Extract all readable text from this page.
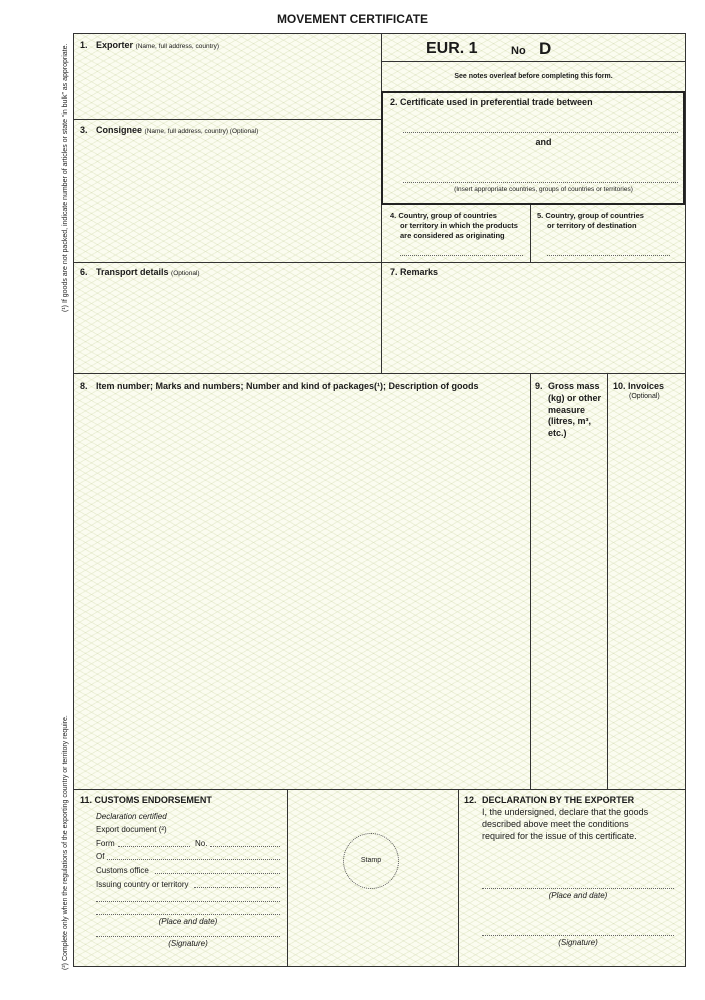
MOVEMENT CERTIFICATE
(¹) If goods are not packed, indicate number of articles or state “in bulk” as appropriate.
(²) Complete only when the regulations of the exporting country or territory require.
EUR. 1	No D
See notes overleaf before completing this form.
1. Exporter (Name, full address, country)
2. Certificate used in preferential trade between
and
(Insert appropriate countries, groups of countries or territories)
3. Consignee (Name, full address, country) (Optional)
4. Country, group of countries
or territory in which the products
are considered as originating
5. Country, group of countries
or territory of destination
6. Transport details (Optional)	7. Remarks
8. Item number; Marks and numbers; Number and kind of packages(¹); Description of goods	9. Gross mass
(kg) or other
measure
(litres, m³,
etc.)
10. Invoices
(Optional)
11. CUSTOMS ENDORSEMENT
Declaration certified
Export document (²)
Form	No.
Of
Customs office
Issuing country or territory
(Place and date)
(Signature)
Stamp
12. DECLARATION BY THE EXPORTER
I, the undersigned, declare that the goods
described above meet the conditions
required for the issue of this certificate.
(Place and date)
(Signature)
